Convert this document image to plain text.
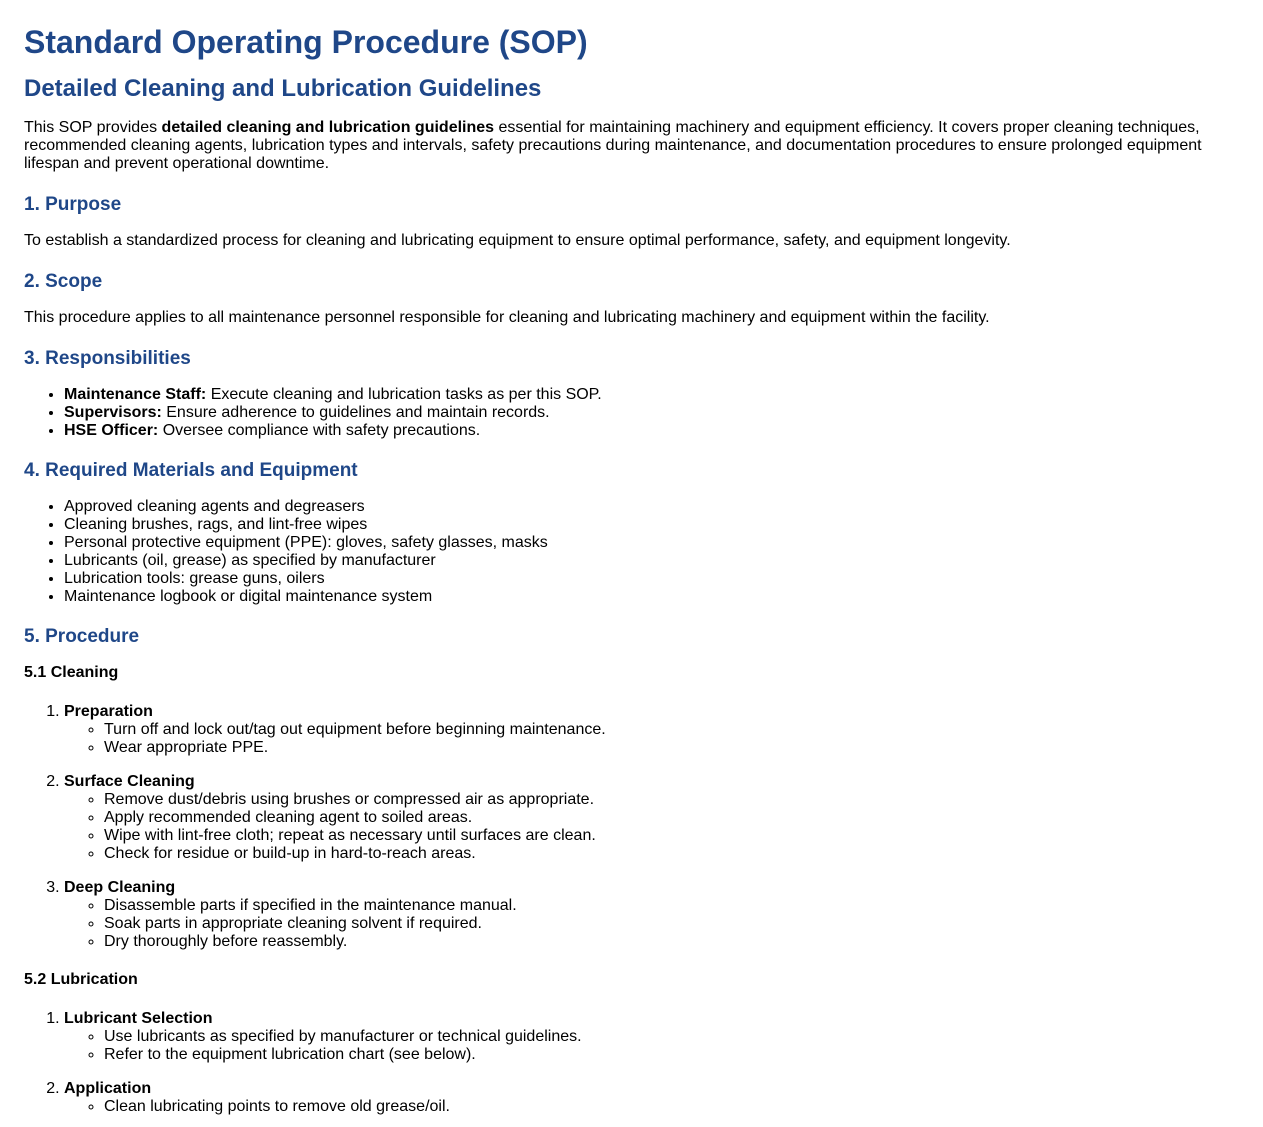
Standard Operating Procedure (SOP)
Detailed Cleaning and Lubrication Guidelines

This SOP provides detailed cleaning and lubrication guidelines essential for maintaining machinery and equipment efficiency. It covers proper cleaning techniques, recommended cleaning agents, lubrication types and intervals, safety precautions during maintenance, and documentation procedures to ensure prolonged equipment lifespan and prevent operational downtime.

1. Purpose

To establish a standardized process for cleaning and lubricating equipment to ensure optimal performance, safety, and equipment longevity.

2. Scope

This procedure applies to all maintenance personnel responsible for cleaning and lubricating machinery and equipment within the facility.

3. Responsibilities
• Maintenance Staff: Execute cleaning and lubrication tasks as per this SOP.
• Supervisors: Ensure adherence to guidelines and maintain records.
• HSE Officer: Oversee compliance with safety precautions.
4. Required Materials and Equipment
• Approved cleaning agents and degreasers
• Cleaning brushes, rags, and lint-free wipes
• Personal protective equipment (PPE): gloves, safety glasses, masks
• Lubricants (oil, grease) as specified by manufacturer
• Lubrication tools: grease guns, oilers
• Maintenance logbook or digital maintenance system
5. Procedure
5.1 Cleaning
1. Preparation
◦ Turn off and lock out/tag out equipment before beginning maintenance.
◦ Wear appropriate PPE.
2. Surface Cleaning
◦ Remove dust/debris using brushes or compressed air as appropriate.
◦ Apply recommended cleaning agent to soiled areas.
◦ Wipe with lint-free cloth; repeat as necessary until surfaces are clean.
◦ Check for residue or build-up in hard-to-reach areas.
3. Deep Cleaning
◦ Disassemble parts if specified in the maintenance manual.
◦ Soak parts in appropriate cleaning solvent if required.
◦ Dry thoroughly before reassembly.
5.2 Lubrication
1. Lubricant Selection
◦ Use lubricants as specified by manufacturer or technical guidelines.
◦ Refer to the equipment lubrication chart (see below).
2. Application
◦ Clean lubricating points to remove old grease/oil.
